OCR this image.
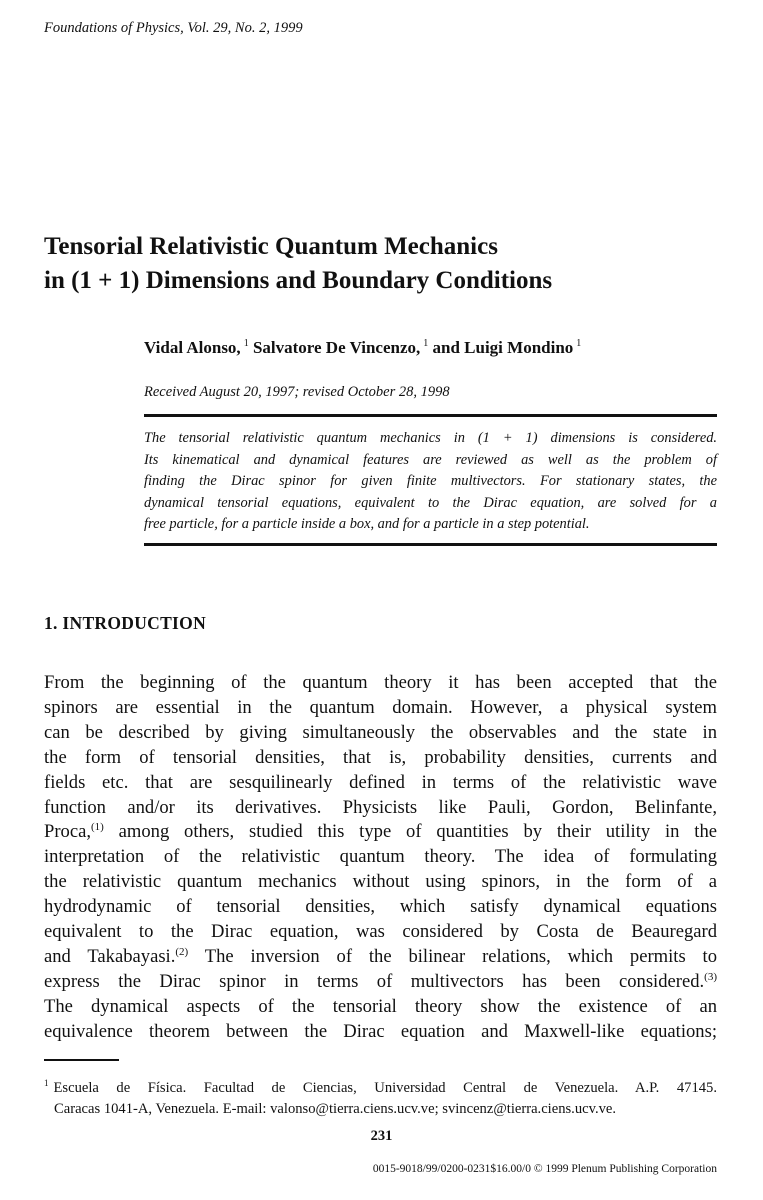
Foundations of Physics, Vol. 29, No. 2, 1999
Tensorial Relativistic Quantum Mechanics
in (1 + 1) Dimensions and Boundary Conditions
Vidal Alonso, $^1$ Salvatore De Vincenzo, $^1$ and Luigi Mondino $^1$
Received August 20, 1997; revised October 28, 1998
The tensorial relativistic quantum mechanics in (1 + 1) dimensions is considered.
Its kinematical and dynamical features are reviewed as well as the problem of
finding the Dirac spinor for given finite multivectors. For stationary states, the
dynamical tensorial equations, equivalent to the Dirac equation, are solved for a
free particle, for a particle inside a box, and for a particle in a step potential.
1. INTRODUCTION
From the beginning of the quantum theory it has been accepted that the
spinors are essential in the quantum domain. However, a physical system
can be described by giving simultaneously the observables and the state in
the form of tensorial densities, that is, probability densities, currents and
fields etc. that are sesquilinearly defined in terms of the relativistic wave
function and/or its derivatives. Physicists like Pauli, Gordon, Belinfante,
Proca,$^{(1)}$ among others, studied this type of quantities by their utility in the
interpretation of the relativistic quantum theory. The idea of formulating
the relativistic quantum mechanics without using spinors, in the form of a
hydrodynamic of tensorial densities, which satisfy dynamical equations
equivalent to the Dirac equation, was considered by Costa de Beauregard
and Takabayasi.$^{(2)}$ The inversion of the bilinear relations, which permits to
express the Dirac spinor in terms of multivectors has been considered.$^{(3)}$
The dynamical aspects of the tensorial theory show the existence of an
equivalence theorem between the Dirac equation and Maxwell-like equations;
$^1$ Escuela de Física. Facultad de Ciencias, Universidad Central de Venezuela. A.P. 47145.
Caracas 1041-A, Venezuela. E-mail: valonso@tierra.ciens.ucv.ve; svincenz@tierra.ciens.ucv.ve.
231
0015-9018/99/0200-0231$16.00/0 © 1999 Plenum Publishing Corporation
